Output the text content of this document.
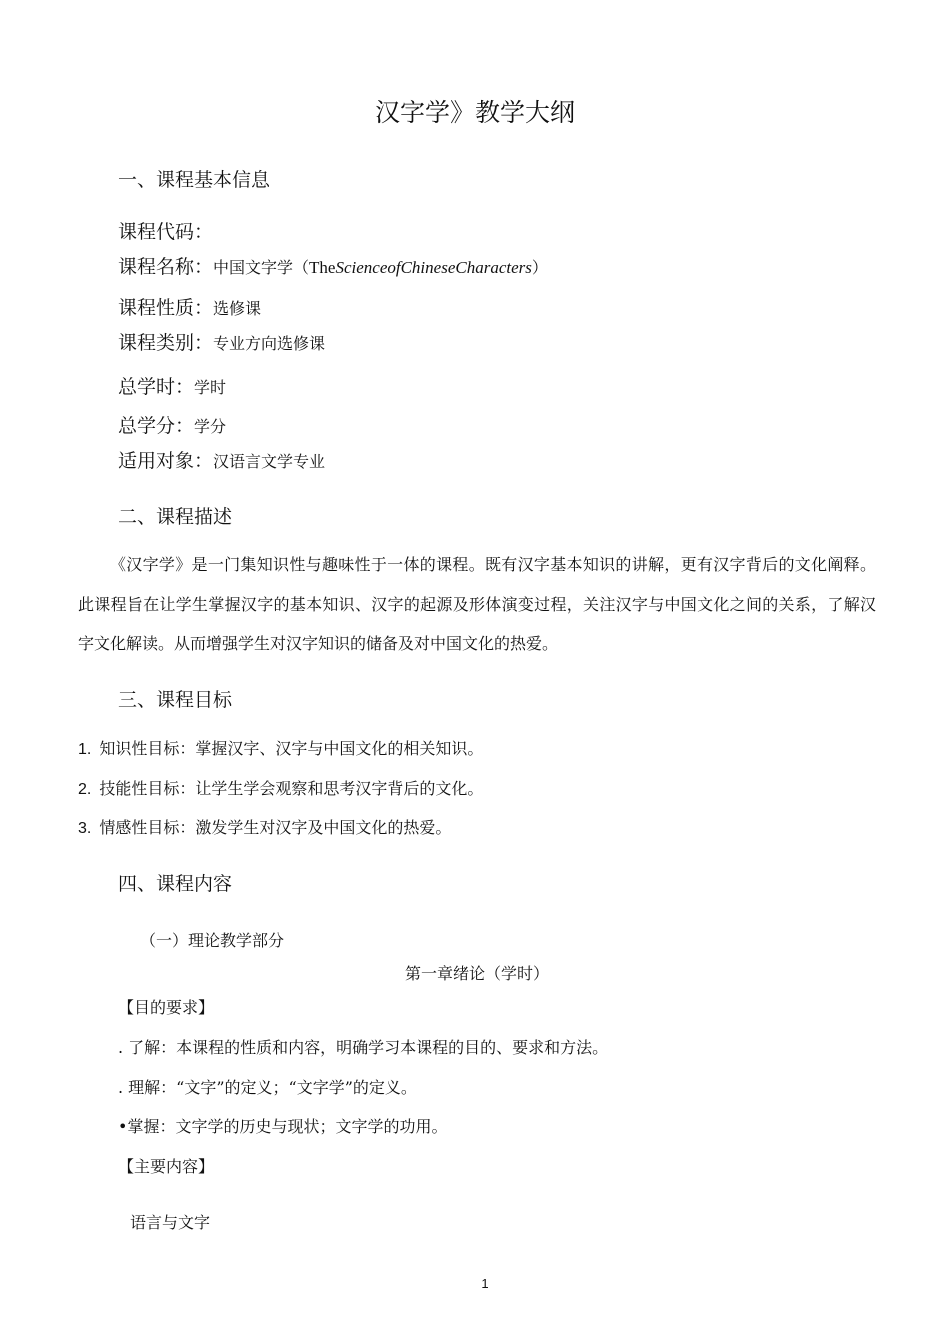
汉字学》教学大纲
一、课程基本信息
课程代码：
课程名称：中国文字学（TheScienceofChineseCharacters）
课程性质：选修课
课程类别：专业方向选修课
总学时：学时
总学分：学分
适用对象：汉语言文学专业
二、课程描述

《汉字学》是一门集知识性与趣味性于一体的课程。既有汉字基本知识的讲解，更有汉字背后的文化阐释。此课程旨在让学生掌握汉字的基本知识、汉字的起源及形体演变过程，关注汉字与中国文化之间的关系，了解汉字文化解读。从而增强学生对汉字知识的储备及对中国文化的热爱。

三、课程目标
1. 知识性目标：掌握汉字、汉字与中国文化的相关知识。
2. 技能性目标：让学生学会观察和思考汉字背后的文化。
3. 情感性目标：激发学生对汉字及中国文化的热爱。
四、课程内容
（一）理论教学部分
第一章绪论（学时）
【目的要求】
. 了解：本课程的性质和内容，明确学习本课程的目的、要求和方法。
. 理解：“文字”的定义；“文字学”的定义。
•掌握：文字学的历史与现状；文字学的功用。
【主要内容】
语言与文字
1
